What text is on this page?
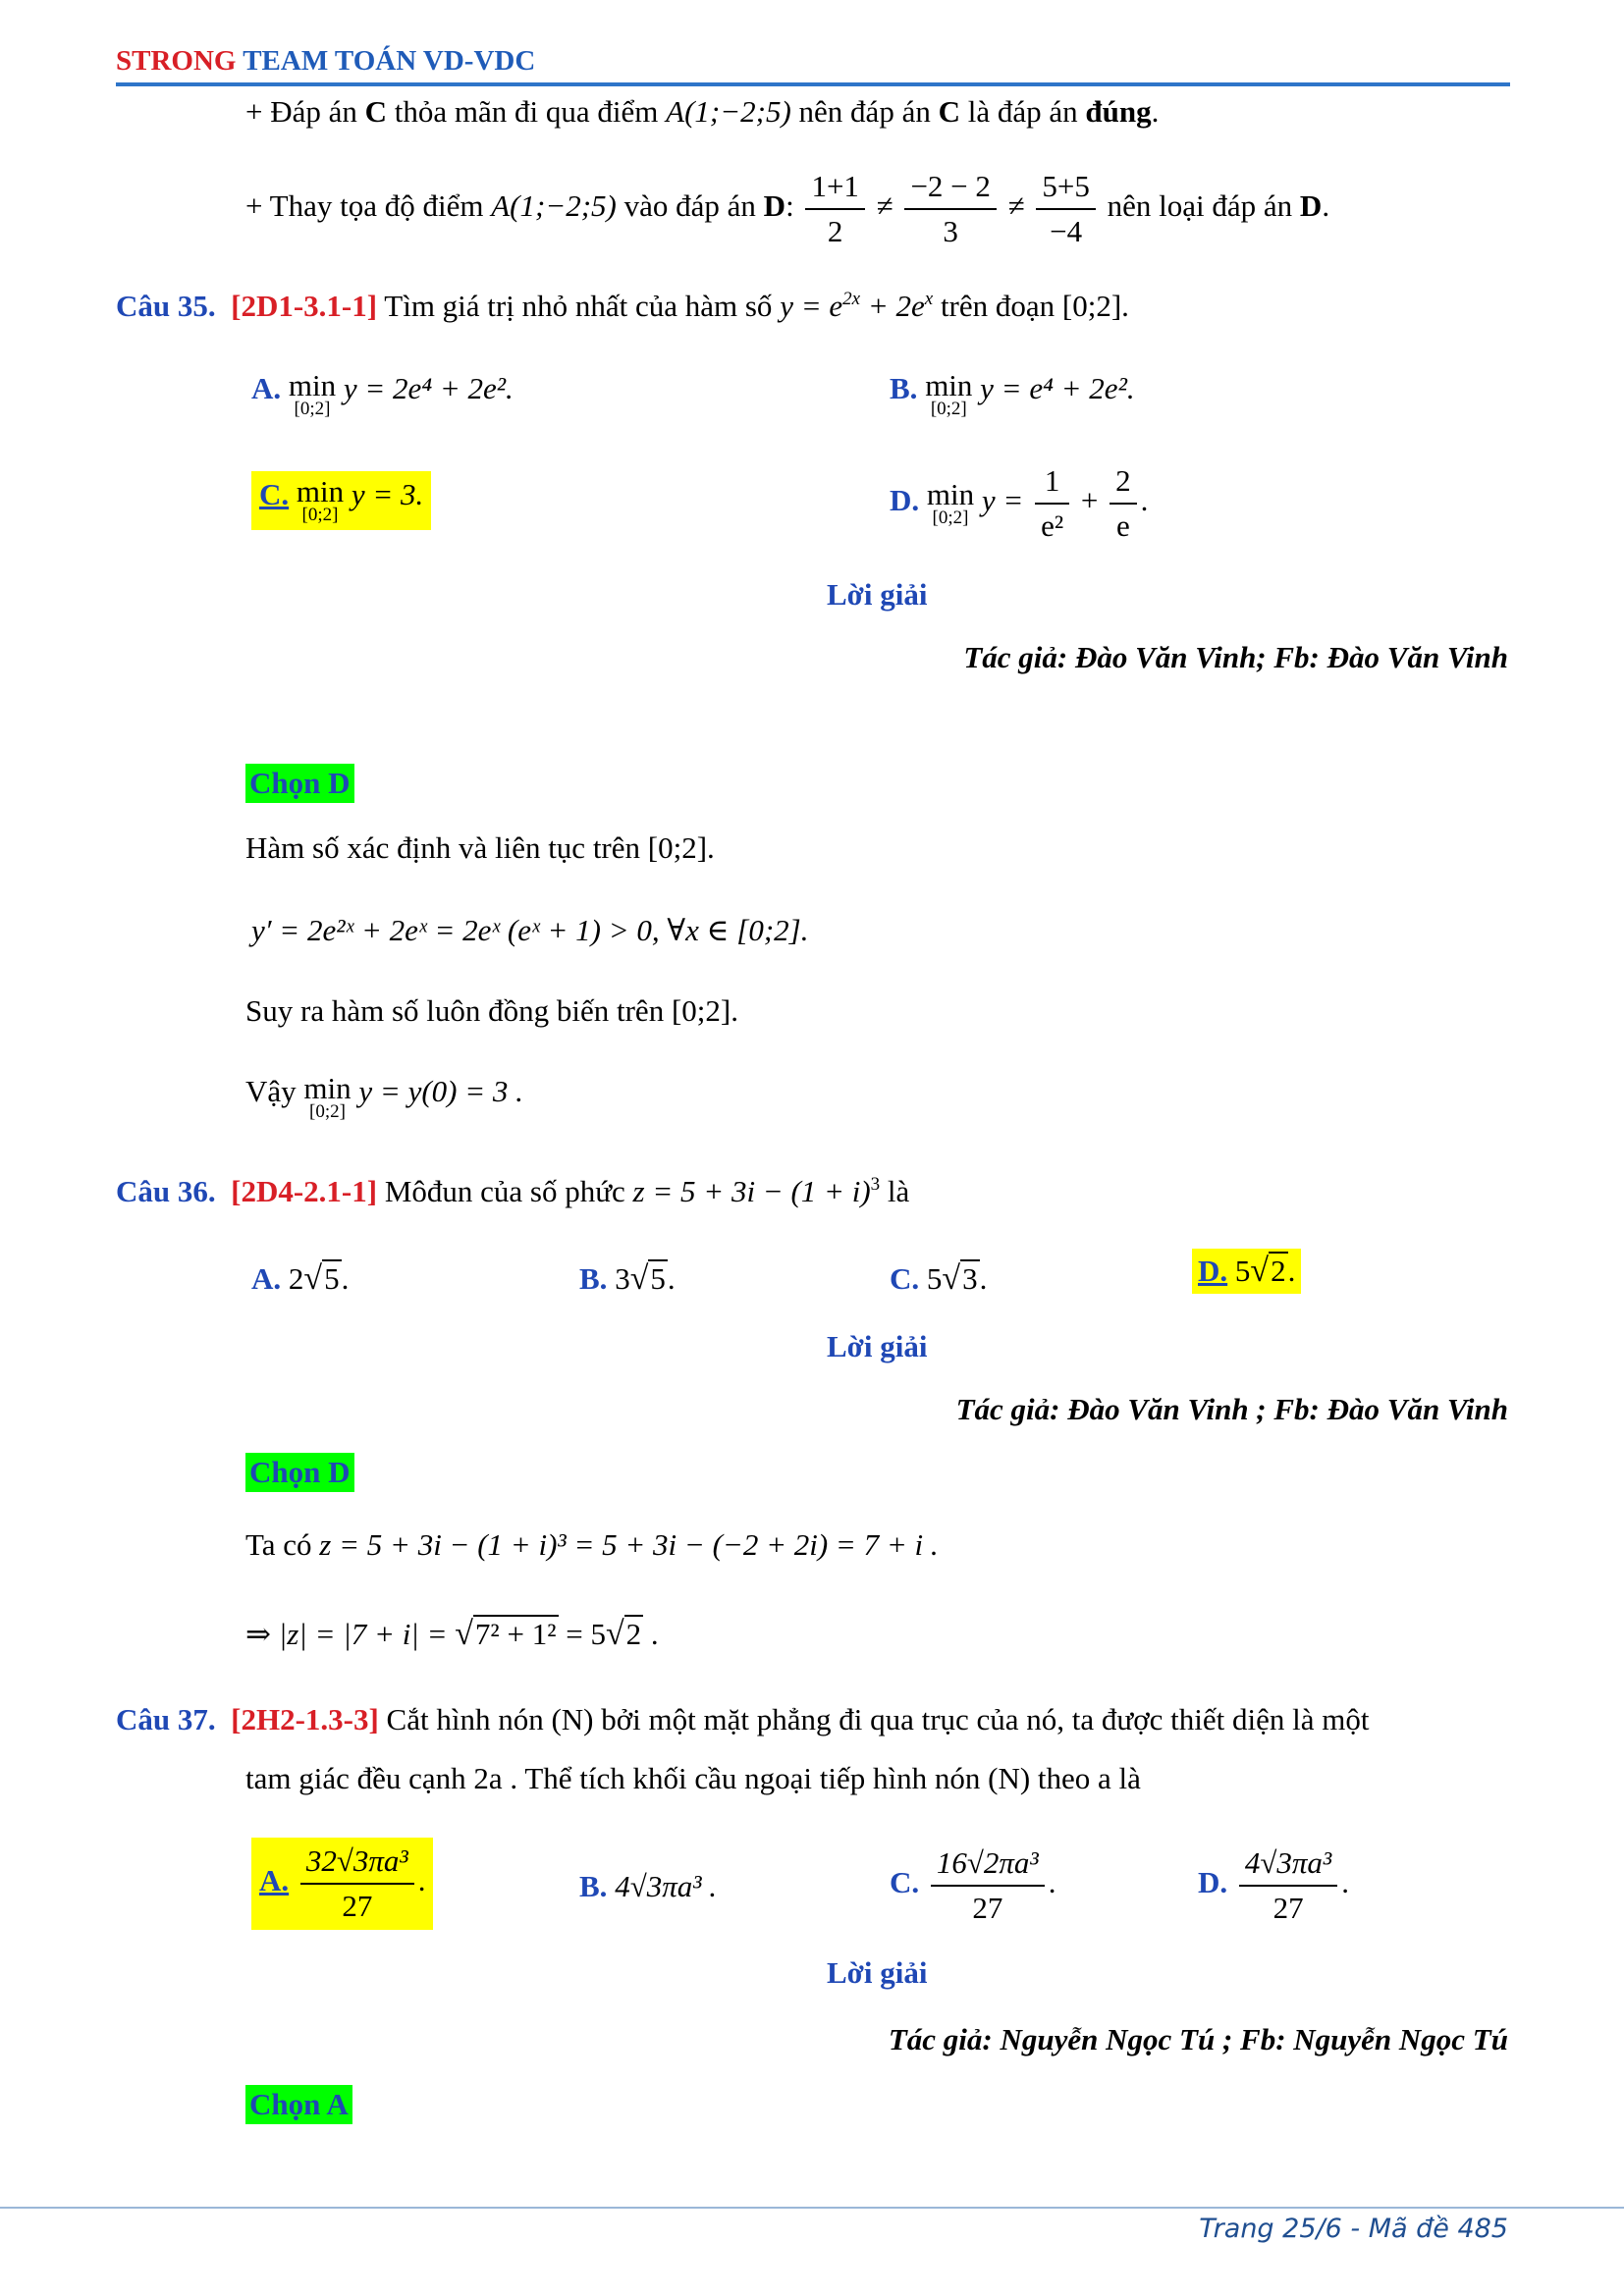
STRONG TEAM TOÁN VD-VDC
+ Đáp án C thỏa mãn đi qua điểm A(1;−2;5) nên đáp án C là đáp án đúng.
+ Thay tọa độ điểm A(1;−2;5) vào đáp án D: $\frac{1+1}{2} \ne \frac{-2 - 2}{3} \ne \frac{5+5}{-4}$ nên loại đáp án D.
Câu 35. [2D1-3.1-1] Tìm giá trị nhỏ nhất của hàm số $y = e^{2x} + 2e^x$ trên đoạn [0;2].
A. min
[0;2]
y = 2e⁴ + 2e².	B. min
[0;2]
y = e⁴ + 2e².
C. min
[0;2]
y = 3.	D. min
[0;2]
$y = \frac{1}{\text{e²}} + \frac{2}{e}$ .
Lời giải
Tác giả: Đào Văn Vinh; Fb: Đào Văn Vinh
Chọn D
Hàm số xác định và liên tục trên [0;2].
y′ = 2e²ˣ + 2eˣ = 2eˣ (eˣ + 1) > 0, ∀x ∈ [0;2].
Suy ra hàm số luôn đồng biến trên [0;2].
Vậy min
[0;2]
y = y(0) = 3 .
Câu 36. [2D4-2.1-1] Môđun của số phức $z = 5 + 3i - (1 + i)^3$ là
A. 2√5.	B. 3√5.	C. 5√3.	D. 5√2.
Lời giải
Tác giả: Đào Văn Vinh ; Fb: Đào Văn Vinh
Chọn D
Ta có z = 5 + 3i − (1 + i)³ = 5 + 3i − (−2 + 2i) = 7 + i .
⇒ |z| = |7 + i| = √7² + 1² = 5√2 .
Câu 37. [2H2-1.3-3] Cắt hình nón (N) bởi một mặt phẳng đi qua trục của nó, ta được thiết diện là một
tam giác đều cạnh 2a . Thể tích khối cầu ngoại tiếp hình nón (N) theo a là
A. $\frac{\text{32√3πa³}}{27}$ .	B. 4√3πa³ .	C. $\frac{\text{16√2πa³}}{27}$ .	D. $\frac{\text{4√3πa³}}{27}$ .
Lời giải
Tác giả: Nguyễn Ngọc Tú ; Fb: Nguyễn Ngọc Tú
Chọn A
Trang 25/6 - Mã đề 485
